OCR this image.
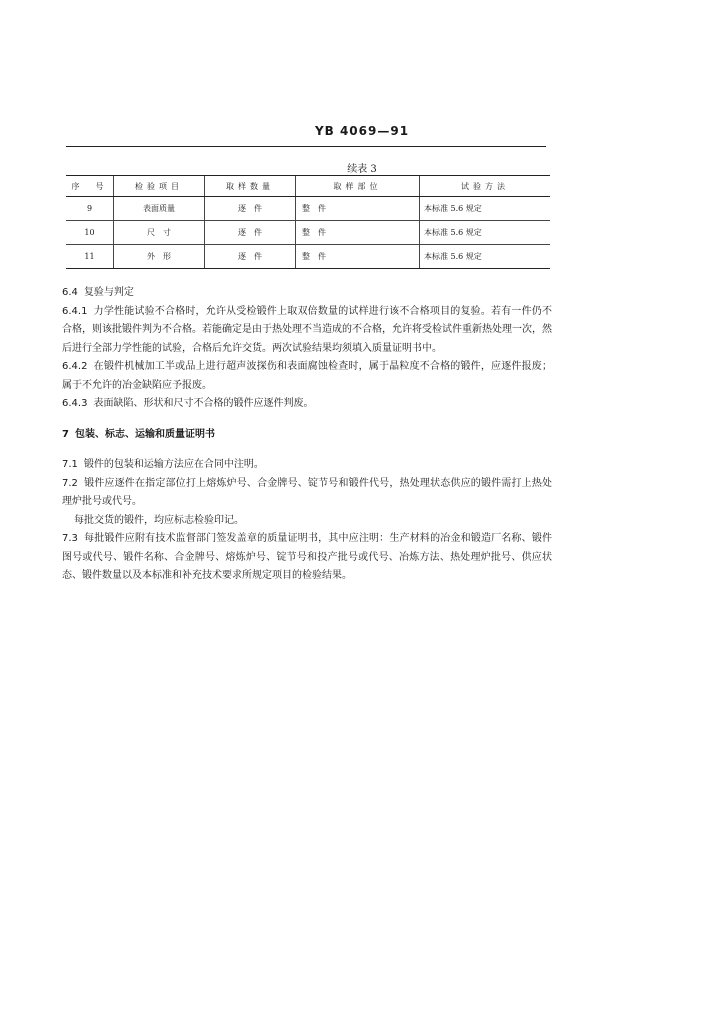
YB 4069—91
续表 3
序　号	检验项目	取样数量	取样部位	试验方法
9	表面质量	逐　件	整　件	本标准 5.6 规定
10	尺　寸	逐　件	整　件	本标准 5.6 规定
11	外　形	逐　件	整　件	本标准 5.6 规定

6.4 复验与判定

6.4.1 力学性能试验不合格时，允许从受检锻件上取双倍数量的试样进行该不合格项目的复验。若有一件仍不合格，则该批锻件判为不合格。若能确定是由于热处理不当造成的不合格，允许将受检试件重新热处理一次，然后进行全部力学性能的试验，合格后允许交货。两次试验结果均须填入质量证明书中。

6.4.2 在锻件机械加工半或品上进行超声波探伤和表面腐蚀检查时，属于晶粒度不合格的锻件，应逐件报废；属于不允许的冶金缺陷应予报废。

6.4.3 表面缺陷、形状和尺寸不合格的锻件应逐件判废。

7 包装、标志、运输和质量证明书

7.1 锻件的包装和运输方法应在合同中注明。

7.2 锻件应逐件在指定部位打上熔炼炉号、合金牌号、锭节号和锻件代号，热处理状态供应的锻件需打上热处理炉批号或代号。

每批交货的锻件，均应标志检验印记。

7.3 每批锻件应附有技术监督部门签发盖章的质量证明书，其中应注明：生产材料的冶金和锻造厂名称、锻件图号或代号、锻件名称、合金牌号、熔炼炉号、锭节号和投产批号或代号、冶炼方法、热处理炉批号、供应状态、锻件数量以及本标准和补充技术要求所规定项目的检验结果。
